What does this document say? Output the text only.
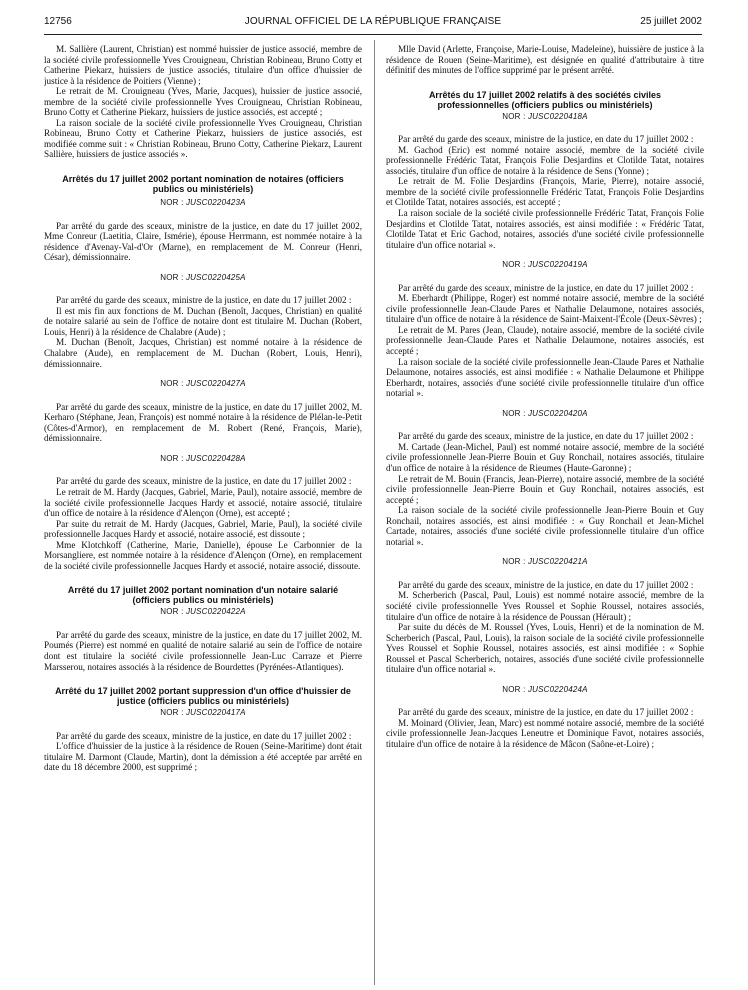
12756	JOURNAL OFFICIEL DE LA RÉPUBLIQUE FRANÇAISE	25 juillet 2002

M. Sallière (Laurent, Christian) est nommé huissier de justice associé, membre de la société civile professionnelle Yves Crouigneau, Christian Robineau, Bruno Cotty et Catherine Piekarz, huissiers de justice associés, titulaire d'un office d'huissier de justice à la résidence de Poitiers (Vienne) ;

Le retrait de M. Crouigneau (Yves, Marie, Jacques), huissier de justice associé, membre de la société civile professionnelle Yves Crouigneau, Christian Robineau, Bruno Cotty et Catherine Piekarz, huissiers de justice associés, est accepté ;

La raison sociale de la société civile professionnelle Yves Crouigneau, Christian Robineau, Bruno Cotty et Catherine Piekarz, huissiers de justice associés, est modifiée comme suit : « Christian Robineau, Bruno Cotty, Catherine Piekarz, Laurent Sallière, huissiers de justice associés ».

Arrêtés du 17 juillet 2002 portant nomination de notaires (officiers publics ou ministériels)
NOR : JUSC0220423A

Par arrêté du garde des sceaux, ministre de la justice, en date du 17 juillet 2002, Mme Conreur (Laetitia, Claire, Ismérie), épouse Herrmann, est nommée notaire à la résidence d'Avenay-Val-d'Or (Marne), en remplacement de M. Conreur (Henri, César), démissionnaire.

NOR : JUSC0220425A

Par arrêté du garde des sceaux, ministre de la justice, en date du 17 juillet 2002 :

Il est mis fin aux fonctions de M. Duchan (Benoît, Jacques, Christian) en qualité de notaire salarié au sein de l'office de notaire dont est titulaire M. Duchan (Robert, Louis, Henri) à la résidence de Chalabre (Aude) ;

M. Duchan (Benoît, Jacques, Christian) est nommé notaire à la résidence de Chalabre (Aude), en remplacement de M. Duchan (Robert, Louis, Henri), démissionnaire.

NOR : JUSC0220427A

Par arrêté du garde des sceaux, ministre de la justice, en date du 17 juillet 2002, M. Kerharo (Stéphane, Jean, François) est nommé notaire à la résidence de Plélan-le-Petit (Côtes-d'Armor), en remplacement de M. Robert (René, François, Marie), démissionnaire.

NOR : JUSC0220428A

Par arrêté du garde des sceaux, ministre de la justice, en date du 17 juillet 2002 :

Le retrait de M. Hardy (Jacques, Gabriel, Marie, Paul), notaire associé, membre de la société civile professionnelle Jacques Hardy et associé, notaire associé, titulaire d'un office de notaire à la résidence d'Alençon (Orne), est accepté ;

Par suite du retrait de M. Hardy (Jacques, Gabriel, Marie, Paul), la société civile professionnelle Jacques Hardy et associé, notaire associé, est dissoute ;

Mme Klotchkoff (Catherine, Marie, Danielle), épouse Le Carbonnier de la Morsangliere, est nommée notaire à la résidence d'Alençon (Orne), en remplacement de la société civile professionnelle Jacques Hardy et associé, notaire associé, dissoute.

Arrêté du 17 juillet 2002 portant nomination d'un notaire salarié (officiers publics ou ministériels)
NOR : JUSC0220422A

Par arrêté du garde des sceaux, ministre de la justice, en date du 17 juillet 2002, M. Poumés (Pierre) est nommé en qualité de notaire salarié au sein de l'office de notaire dont est titulaire la société civile professionnelle Jean-Luc Carraze et Pierre Marsserou, notaires associés à la résidence de Bourdettes (Pyrénées-Atlantiques).

Arrêté du 17 juillet 2002 portant suppression d'un office d'huissier de justice (officiers publics ou ministériels)
NOR : JUSC0220417A

Par arrêté du garde des sceaux, ministre de la justice, en date du 17 juillet 2002 :

L'office d'huissier de la justice à la résidence de Rouen (Seine-Maritime) dont était titulaire M. Darmont (Claude, Martin), dont la démission a été acceptée par arrêté en date du 18 décembre 2000, est supprimé ;

Mlle David (Arlette, Françoise, Marie-Louise, Madeleine), huissière de justice à la résidence de Rouen (Seine-Maritime), est désignée en qualité d'attributaire à titre définitif des minutes de l'office supprimé par le présent arrêté.

Arrêtés du 17 juillet 2002 relatifs à des sociétés civiles professionnelles (officiers publics ou ministériels)
NOR : JUSC0220418A

Par arrêté du garde des sceaux, ministre de la justice, en date du 17 juillet 2002 :

M. Gachod (Eric) est nommé notaire associé, membre de la société civile professionnelle Frédéric Tatat, François Folie Desjardins et Clotilde Tatat, notaires associés, titulaire d'un office de notaire à la résidence de Sens (Yonne) ;

Le retrait de M. Folie Desjardins (François, Marie, Pierre), notaire associé, membre de la société civile professionnelle Frédéric Tatat, François Folie Desjardins et Clotilde Tatat, notaires associés, est accepté ;

La raison sociale de la société civile professionnelle Frédéric Tatat, François Folie Desjardins et Clotilde Tatat, notaires associés, est ainsi modifiée : « Frédéric Tatat, Clotilde Tatat et Eric Gachod, notaires, associés d'une société civile professionnelle titulaire d'un office notarial ».

NOR : JUSC0220419A

Par arrêté du garde des sceaux, ministre de la justice, en date du 17 juillet 2002 :

M. Eberhardt (Philippe, Roger) est nommé notaire associé, membre de la société civile professionnelle Jean-Claude Pares et Nathalie Delaumone, notaires associés, titulaire d'un office de notaire à la résidence de Saint-Maixent-l'École (Deux-Sèvres) ;

Le retrait de M. Pares (Jean, Claude), notaire associé, membre de la société civile professionnelle Jean-Claude Pares et Nathalie Delaumone, notaires associés, est accepté ;

La raison sociale de la société civile professionnelle Jean-Claude Pares et Nathalie Delaumone, notaires associés, est ainsi modifiée : « Nathalie Delaumone et Philippe Eberhardt, notaires, associés d'une société civile professionnelle titulaire d'un office notarial ».

NOR : JUSC0220420A

Par arrêté du garde des sceaux, ministre de la justice, en date du 17 juillet 2002 :

M. Cartade (Jean-Michel, Paul) est nommé notaire associé, membre de la société civile professionnelle Jean-Pierre Bouin et Guy Ronchail, notaires associés, titulaire d'un office de notaire à la résidence de Rieumes (Haute-Garonne) ;

Le retrait de M. Bouin (Francis, Jean-Pierre), notaire associé, membre de la société civile professionnelle Jean-Pierre Bouin et Guy Ronchail, notaires associés, est accepté ;

La raison sociale de la société civile professionnelle Jean-Pierre Bouin et Guy Ronchail, notaires associés, est ainsi modifiée : « Guy Ronchail et Jean-Michel Cartade, notaires, associés d'une société civile professionnelle titulaire d'un office notarial ».

NOR : JUSC0220421A

Par arrêté du garde des sceaux, ministre de la justice, en date du 17 juillet 2002 :

M. Scherberich (Pascal, Paul, Louis) est nommé notaire associé, membre de la société civile professionnelle Yves Roussel et Sophie Roussel, notaires associés, titulaire d'un office de notaire à la résidence de Poussan (Hérault) ;

Par suite du décès de M. Roussel (Yves, Louis, Henri) et de la nomination de M. Scherberich (Pascal, Paul, Louis), la raison sociale de la société civile professionnelle Yves Roussel et Sophie Roussel, notaires associés, est ainsi modifiée : « Sophie Roussel et Pascal Scherberich, notaires, associés d'une société civile professionnelle titulaire d'un office notarial ».

NOR : JUSC0220424A

Par arrêté du garde des sceaux, ministre de la justice, en date du 17 juillet 2002 :

M. Moinard (Olivier, Jean, Marc) est nommé notaire associé, membre de la société civile professionnelle Jean-Jacques Leneutre et Dominique Favot, notaires associés, titulaire d'un office de notaire à la résidence de Mâcon (Saône-et-Loire) ;
